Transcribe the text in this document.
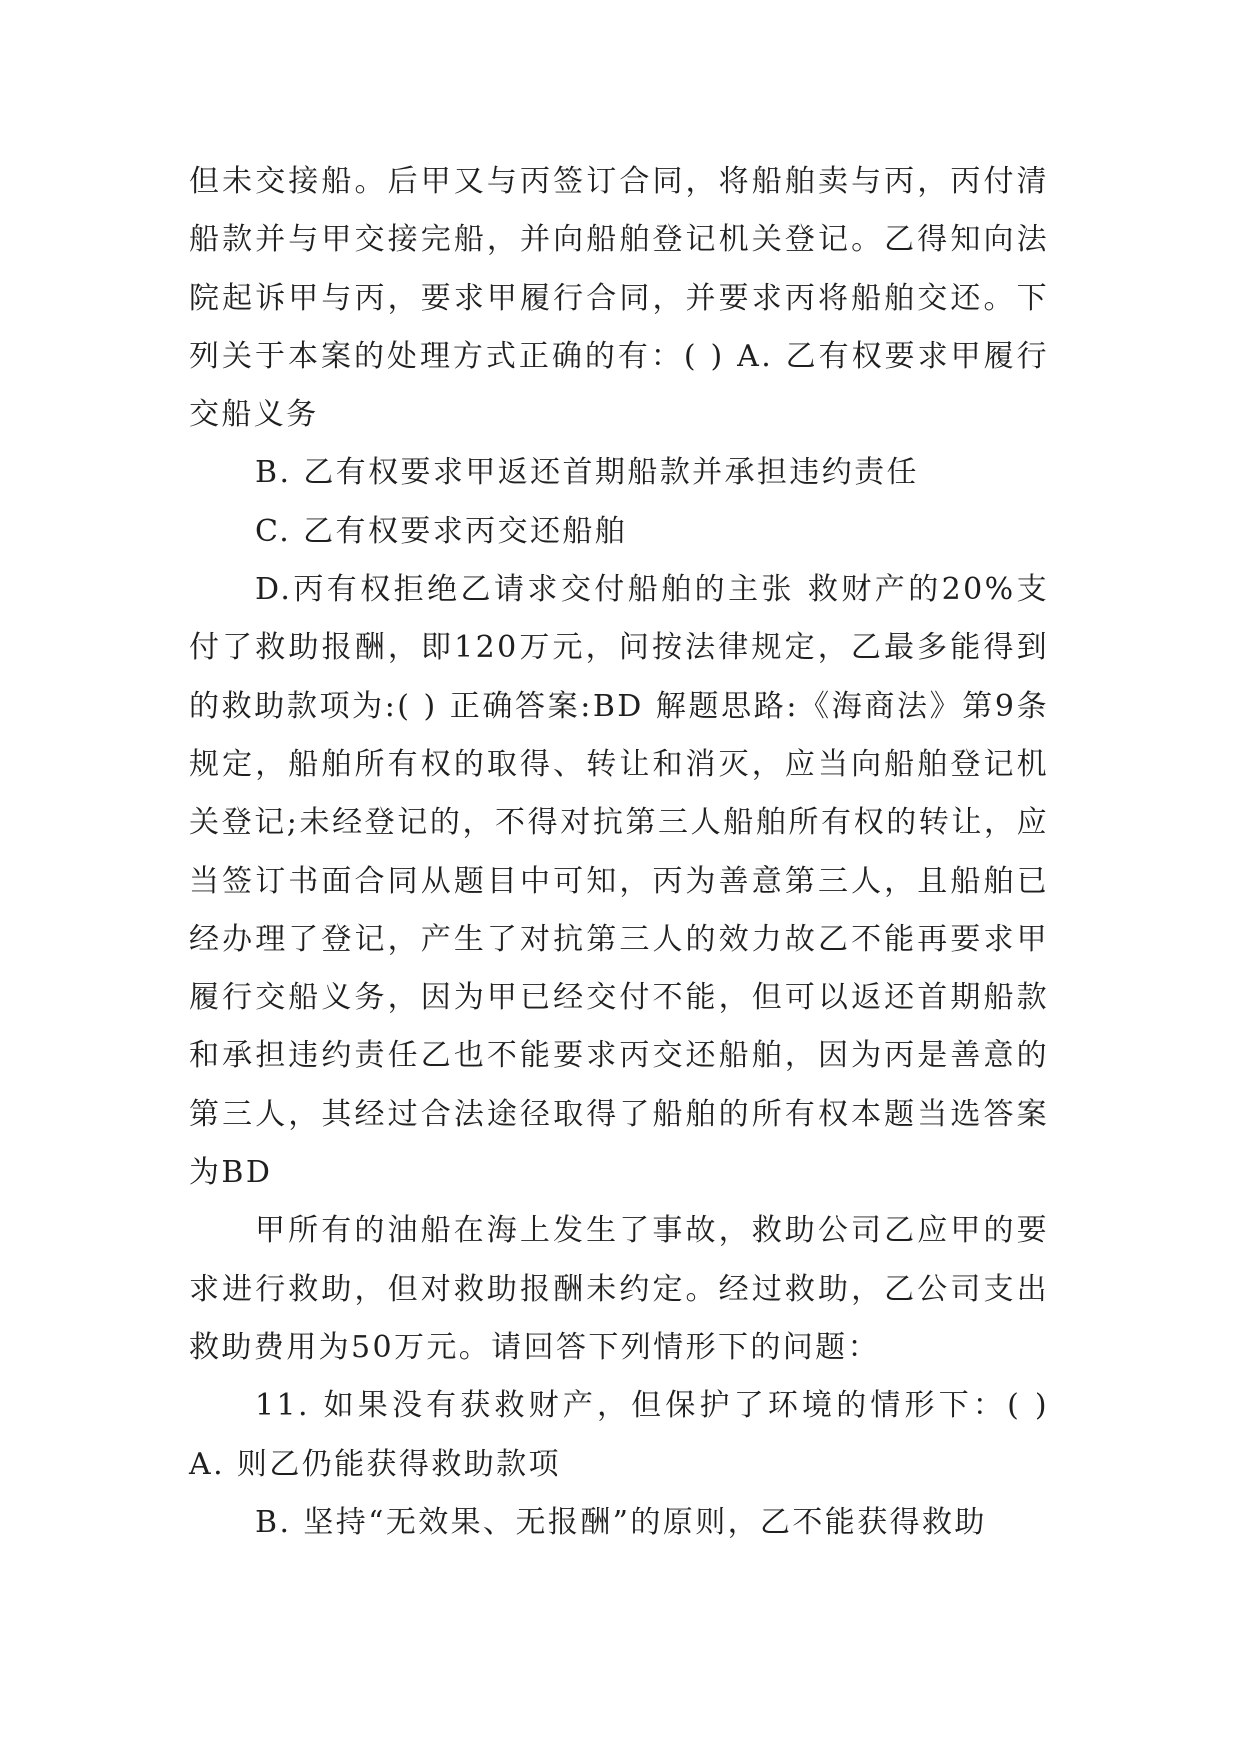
但未交接船。后甲又与丙签订合同，将船舶卖与丙，丙付清船款并与甲交接完船，并向船舶登记机关登记。乙得知向法院起诉甲与丙，要求甲履行合同，并要求丙将船舶交还。下列关于本案的处理方式正确的有：( ) A. 乙有权要求甲履行交船义务

B. 乙有权要求甲返还首期船款并承担违约责任

C. 乙有权要求丙交还船舶

D.丙有权拒绝乙请求交付船舶的主张 救财产的20%支付了救助报酬，即120万元，问按法律规定，乙最多能得到的救助款项为:( ) 正确答案:BD 解题思路:《海商法》第9条规定，船舶所有权的取得、转让和消灭，应当向船舶登记机关登记;未经登记的，不得对抗第三人船舶所有权的转让，应当签订书面合同从题目中可知，丙为善意第三人，且船舶已经办理了登记，产生了对抗第三人的效力故乙不能再要求甲履行交船义务，因为甲已经交付不能，但可以返还首期船款和承担违约责任乙也不能要求丙交还船舶，因为丙是善意的第三人，其经过合法途径取得了船舶的所有权本题当选答案为BD

甲所有的油船在海上发生了事故，救助公司乙应甲的要求进行救助，但对救助报酬未约定。经过救助，乙公司支出救助费用为50万元。请回答下列情形下的问题：

11. 如果没有获救财产，但保护了环境的情形下：( ) A. 则乙仍能获得救助款项

B. 坚持“无效果、无报酬”的原则，乙不能获得救助
